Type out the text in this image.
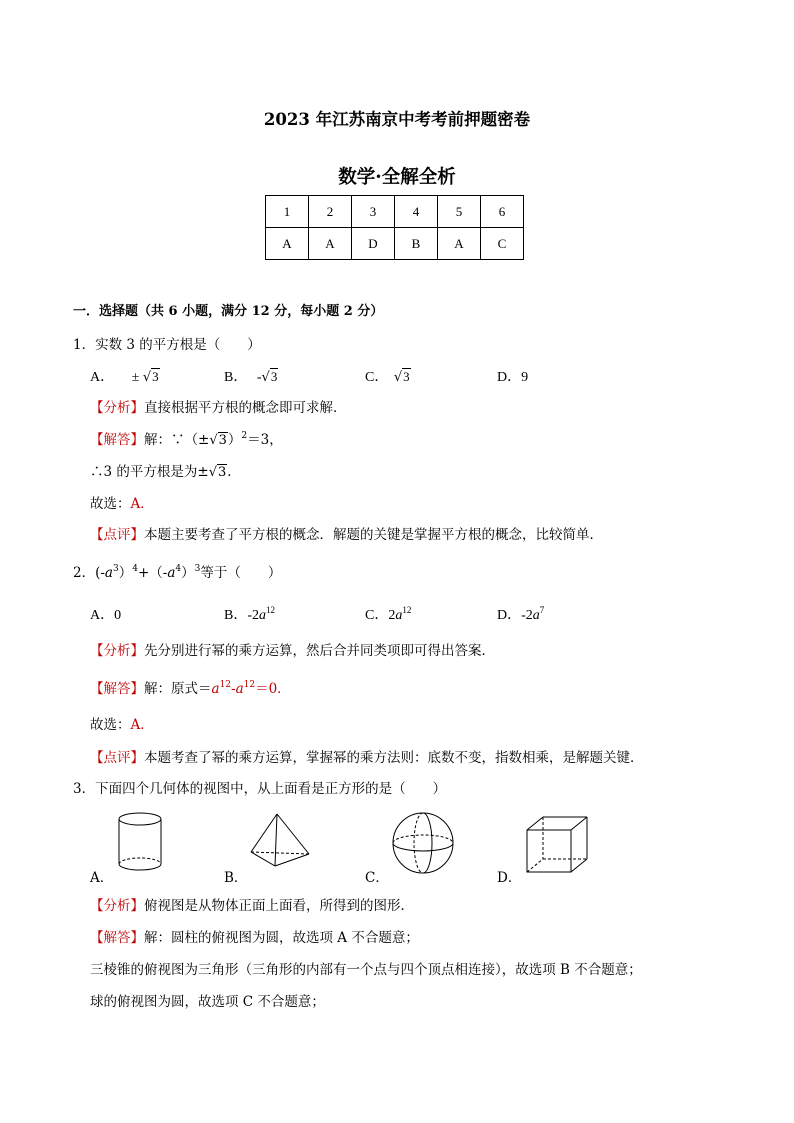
2023 年江苏南京中考考前押题密卷
数学·全解全析
1	2	3	4	5	6
A	A	D	B	A	C
一．选择题（共 6 小题，满分 12 分，每小题 2 分）
1．实数 3 的平方根是（　　）
A． ± √3	B． -√3	C． √3	D．9
【分析】直接根据平方根的概念即可求解．
【解答】解：$\because(\pm√3)^2=3$，
∴3 的平方根是为±√3．
故选：A．
【点评】本题主要考查了平方根的概念．解题的关键是掌握平方根的概念，比较简单．
2．$(-a^3)^4+(-a^4)^3$等于（　　）
A．0	B．$-2a^{12}$	C．$2a^{12}$	D．$-2a^7$
【分析】先分别进行幂的乘方运算，然后合并同类项即可得出答案．
【解答】解：原式$=a^{12}-a^{12}=0$．
故选：A．
【点评】本题考查了幂的乘方运算，掌握幂的乘方法则：底数不变，指数相乘，是解题关键．
3．下面四个几何体的视图中，从上面看是正方形的是（　　）
A．	B．	C．	D．
【分析】俯视图是从物体正面上面看，所得到的图形．
【解答】解：圆柱的俯视图为圆，故选项 A 不合题意；
三棱锥的俯视图为三角形（三角形的内部有一个点与四个顶点相连接），故选项 B 不合题意；
球的俯视图为圆，故选项 C 不合题意；
